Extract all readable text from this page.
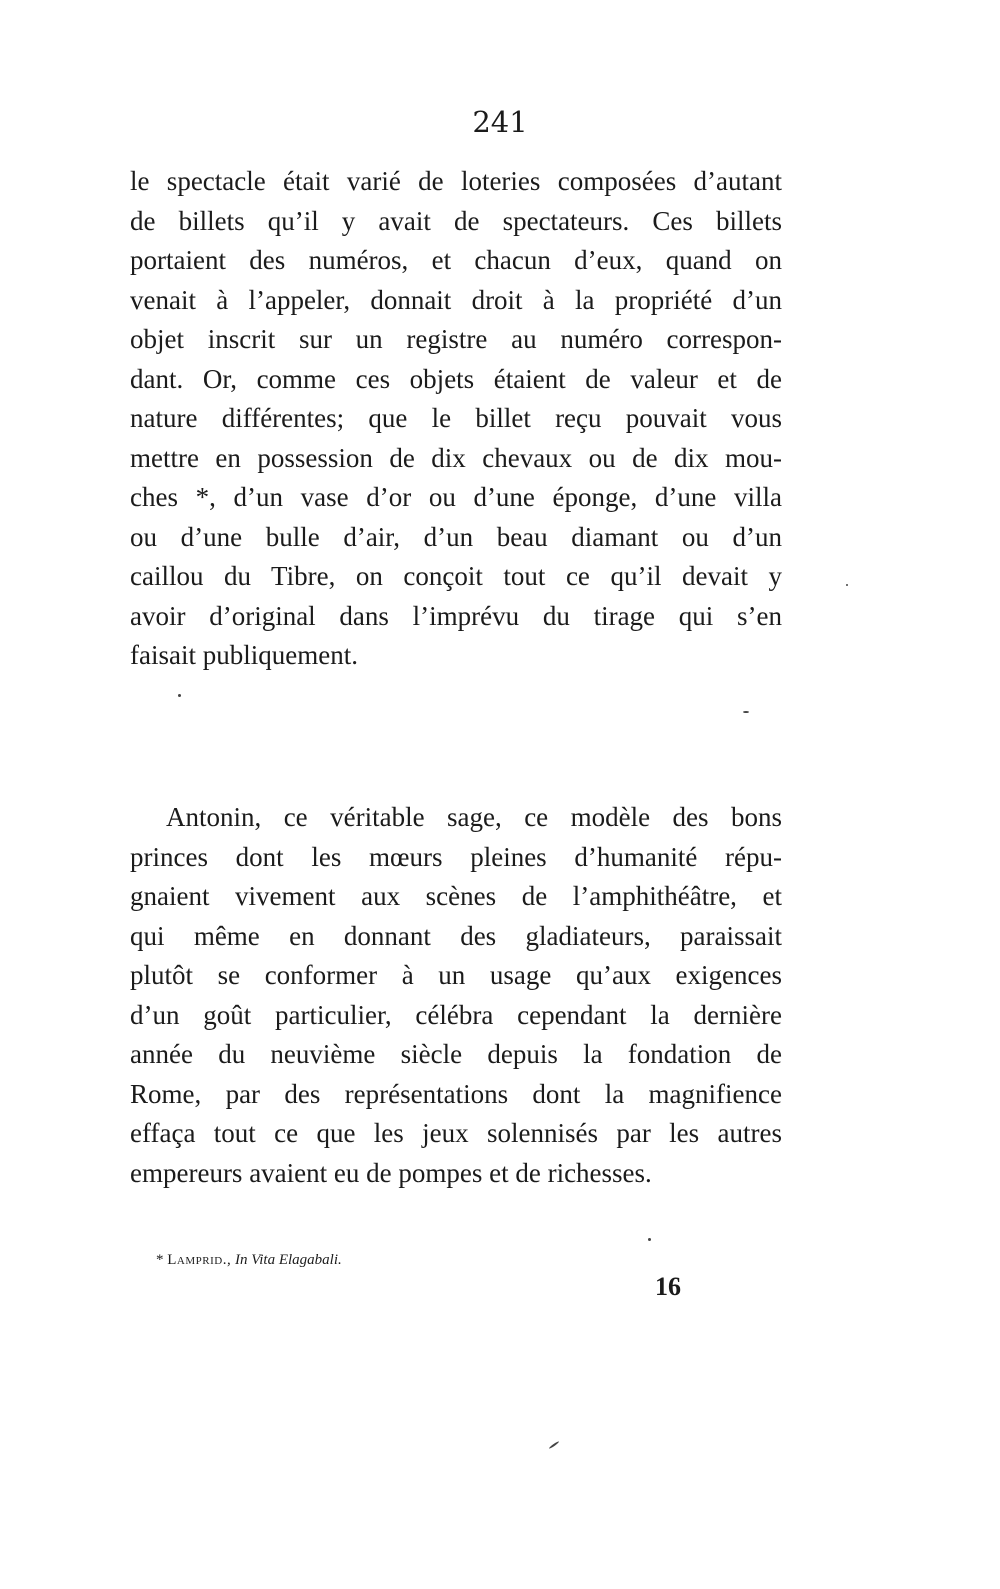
241
le spectacle était varié de loteries composées d’autant
de billets qu’il y avait de spectateurs. Ces billets
portaient des numéros, et chacun d’eux, quand on
venait à l’appeler, donnait droit à la propriété d’un
objet inscrit sur un registre au numéro correspon-
dant. Or, comme ces objets étaient de valeur et de
nature différentes; que le billet reçu pouvait vous
mettre en possession de dix chevaux ou de dix mou-
ches *, d’un vase d’or ou d’une éponge, d’une villa
ou d’une bulle d’air, d’un beau diamant ou d’un
caillou du Tibre, on conçoit tout ce qu’il devait y
avoir d’original dans l’imprévu du tirage qui s’en
faisait publiquement.
Antonin, ce véritable sage, ce modèle des bons
princes dont les mœurs pleines d’humanité répu-
gnaient vivement aux scènes de l’amphithéâtre, et
qui même en donnant des gladiateurs, paraissait
plutôt se conformer à un usage qu’aux exigences
d’un goût particulier, célébra cependant la dernière
année du neuvième siècle depuis la fondation de
Rome, par des représentations dont la magnifience
effaça tout ce que les jeux solennisés par les autres
empereurs avaient eu de pompes et de richesses.
* Lamprid., In Vita Elagabali.
16
